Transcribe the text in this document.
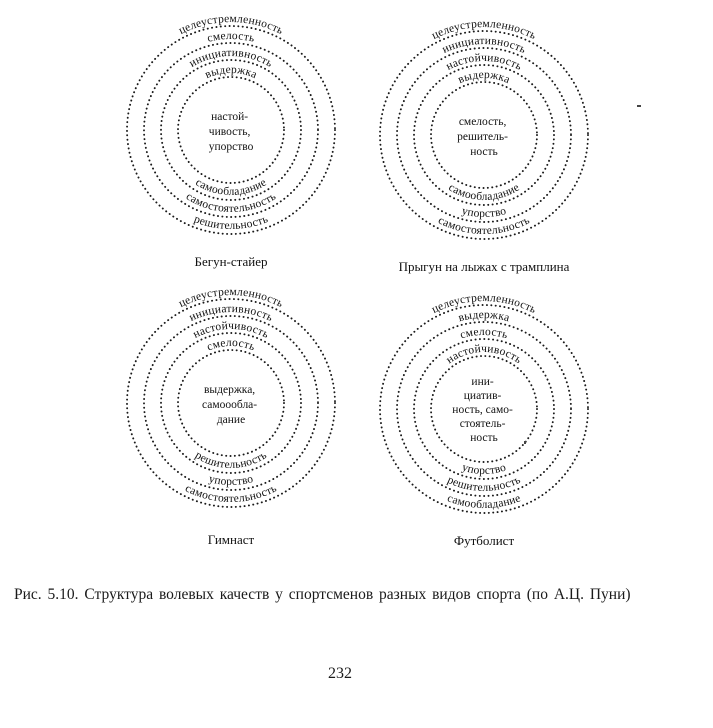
целеустремленность
смелость
инициативность
выдержка
решительность
самостоятельность
самообладание
настой- чивость, упорство
Бегун-стайер
целеустремленность
инициативность
настойчивость
выдержка
самостоятельность
упорство
самообладание
смелость, решитель- ность
Прыгун на лыжах с трамплина
целеустремленность
инициативность
настойчивость
смелость
самостоятельность
упорство
решительность
выдержка, самоообла- дание
Гимнаст
целеустремленность
выдержка
смелость
настойчивость
самообладание
решительность
упорство
ини- циатив- ность, само- стоятель- ность
Футболист

Рис. 5.10. Структура волевых качеств у спортсменов разных видов спорта (по А.Ц. Пуни)

232
